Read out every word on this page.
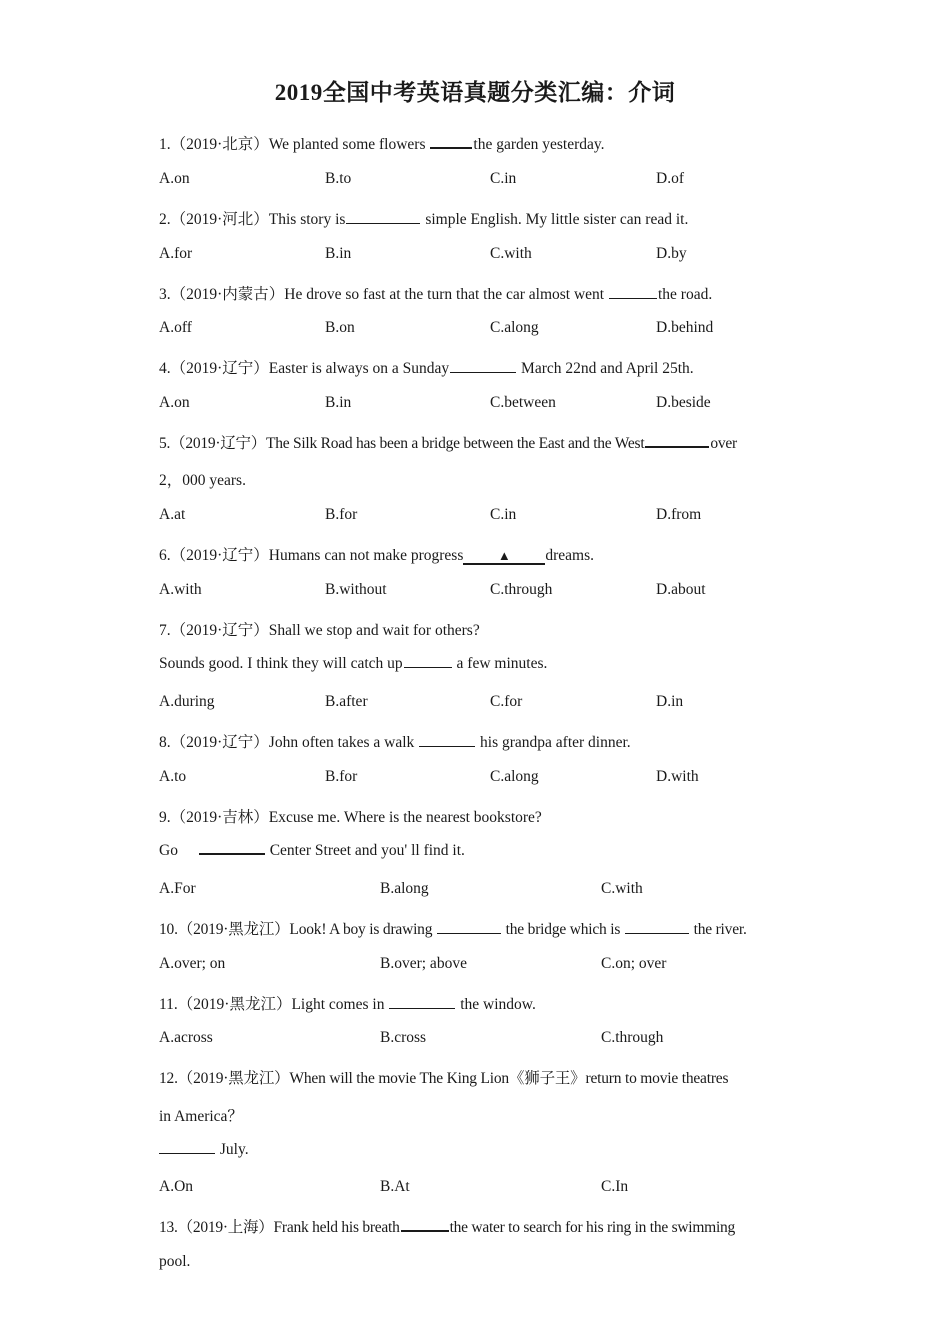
2019全国中考英语真题分类汇编：介词
1.（2019·北京）We planted some flowers	the garden yesterday.
A.on	B.to	C.in	D.of
2.（2019·河北）This story is	simple English. My little sister can read it.
A.for	B.in	C.with	D.by
3.（2019·内蒙古）He drove so fast at the turn that the car almost went	the road.
A.off	B.on	C.along	D.behind
4.（2019·辽宁）Easter is always on a Sunday	March 22nd and April 25th.
A.on	B.in	C.between	D.beside
5.（2019·辽宁）The Silk Road has been a bridge between the East and the West	over
2，000 years.
A.at	B.for	C.in	D.from
6.（2019·辽宁）Humans can not make progress	▲ dreams.
A.with	B.without	C.through	D.about
7.（2019·辽宁）Shall we stop and wait for others?
Sounds good. I think they will catch up	a few minutes.
A.during	B.after	C.for	D.in
8.（2019·辽宁）John often takes a walk	his grandpa after dinner.
A.to	B.for	C.along	D.with
9.（2019·吉林）Excuse me. Where is the nearest bookstore?
Go	Center Street and you' ll find it.
A.For	B.along	C.with
10.（2019·黑龙江）Look! A boy is drawing	the bridge which is	the river.
A.over; on	B.over; above	C.on; over
11.（2019·黑龙江）Light comes in	the window.
A.across	B.cross	C.through
12.（2019·黑龙江）When will the movie The King Lion《狮子王》return to movie theatres
in America？
July.
A.On	B.At	C.In
13.（2019·上海）Frank held his breath	the water to search for his ring in the swimming
pool.
